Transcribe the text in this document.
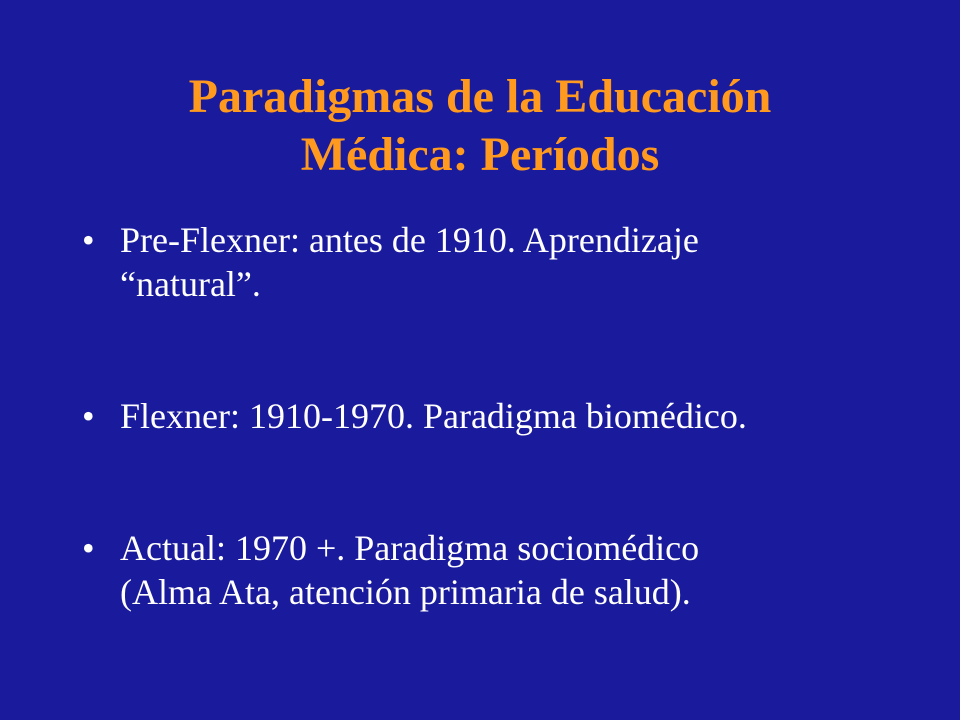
Paradigmas de la Educación
Médica: Períodos
• Pre-Flexner: antes de 1910. Aprendizaje
“natural”.
• Flexner: 1910-1970. Paradigma biomédico.
• Actual: 1970 +. Paradigma sociomédico
(Alma Ata, atención primaria de salud).
